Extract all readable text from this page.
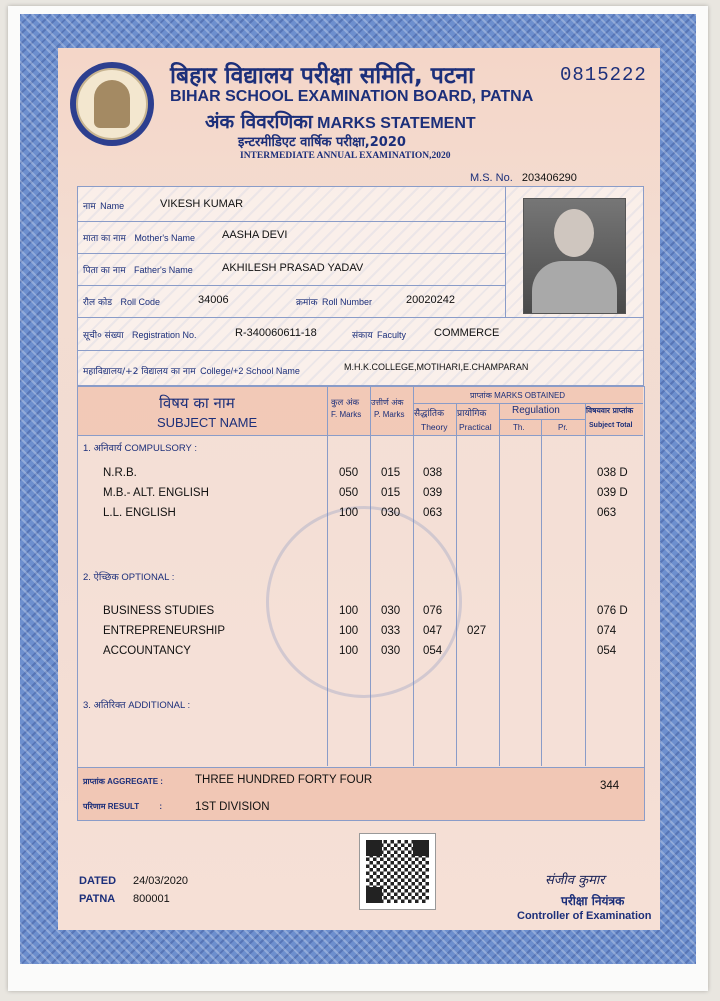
बिहार विद्यालय परीक्षा समिति, पटना	0815222
BIHAR SCHOOL EXAMINATION BOARD, PATNA
अंक विवरणिका MARKS STATEMENT
इन्टरमीडिएट वार्षिक परीक्षा,2020
INTERMEDIATE ANNUAL EXAMINATION,2020
M.S. No. 203406290
नाम Name	VIKESH KUMAR
माता का नाम Mother's Name AASHA DEVI
पिता का नाम Father's Name	AKHILESH PRASAD YADAV
रौल कोड Roll Code	34006	क्रमांक Roll Number	20020242
सूची० संख्या Registration No.	R-340060611-18	संकाय Faculty	COMMERCE
महाविद्यालय/+2 विद्यालय का नाम College/+2 School Name	M.H.K.COLLEGE,MOTIHARI,E.CHAMPARAN
विषय का नाम
SUBJECT NAME
कुल अंक
F. Marks
उत्तीर्ण अंक
P. Marks
प्राप्तांक MARKS OBTAINED
सैद्धांतिक
Theory
प्रायोगिक
Practical
Regulation
Th.	Pr.
विषयवार प्राप्तांक
Subject Total
1. अनिवार्य COMPULSORY :
2. ऐच्छिक OPTIONAL :
3. अतिरिक्त ADDITIONAL :
N.R.B.	050 015 038	038 D
M.B.- ALT. ENGLISH	050 015 039	039 D
L.L. ENGLISH	100 030 063	063
BUSINESS STUDIES	100 030 076	076 D
ENTREPRENEURSHIP	100 033 047 027	074
ACCOUNTANCY	100 030 054	054
प्राप्तांक AGGREGATE :	THREE HUNDRED FORTY FOUR	344
परिणाम RESULT	:	1ST DIVISION
DATED 24/03/2020
PATNA 800001
संजीव कुमार
परीक्षा नियंत्रक
Controller of Examination
